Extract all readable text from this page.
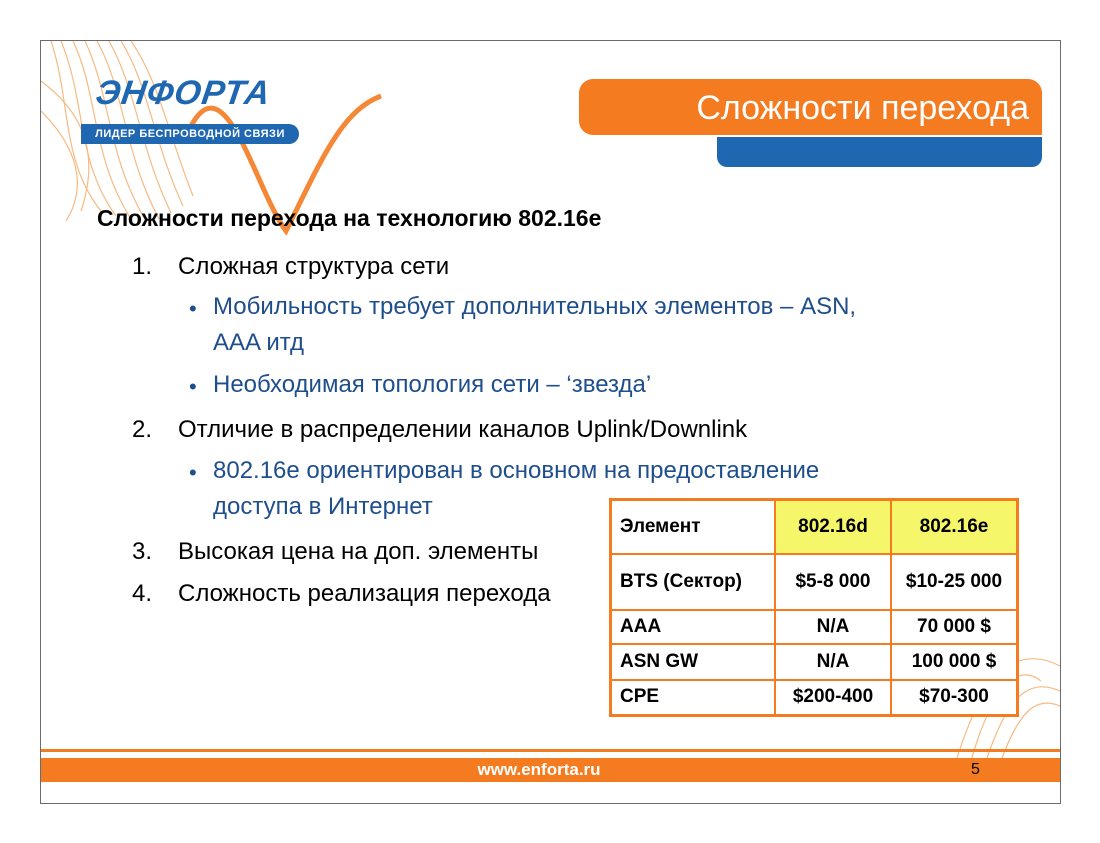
ЭНФОРТА
ЛИДЕР БЕСПРОВОДНОЙ СВЯЗИ
Сложности перехода
Сложности перехода на технологию 802.16е
1. Сложная структура сети
• Мобильность требует дополнительных элементов – ASN,
AAA итд
• Необходимая топология сети – ‘звезда’
2. Отличие в распределении каналов Uplink/Downlink
• 802.16е ориентирован в основном на предоставление
доступа в Интернет
3. Высокая цена на доп. элементы
4. Сложность реализация перехода
Элемент	802.16d	802.16e
BTS (Сектор)	$5-8 000	$10-25 000
AAA	N/A	70 000 $
ASN GW	N/A	100 000 $
CPE	$200-400	$70-300
www.enforta.ru	5
